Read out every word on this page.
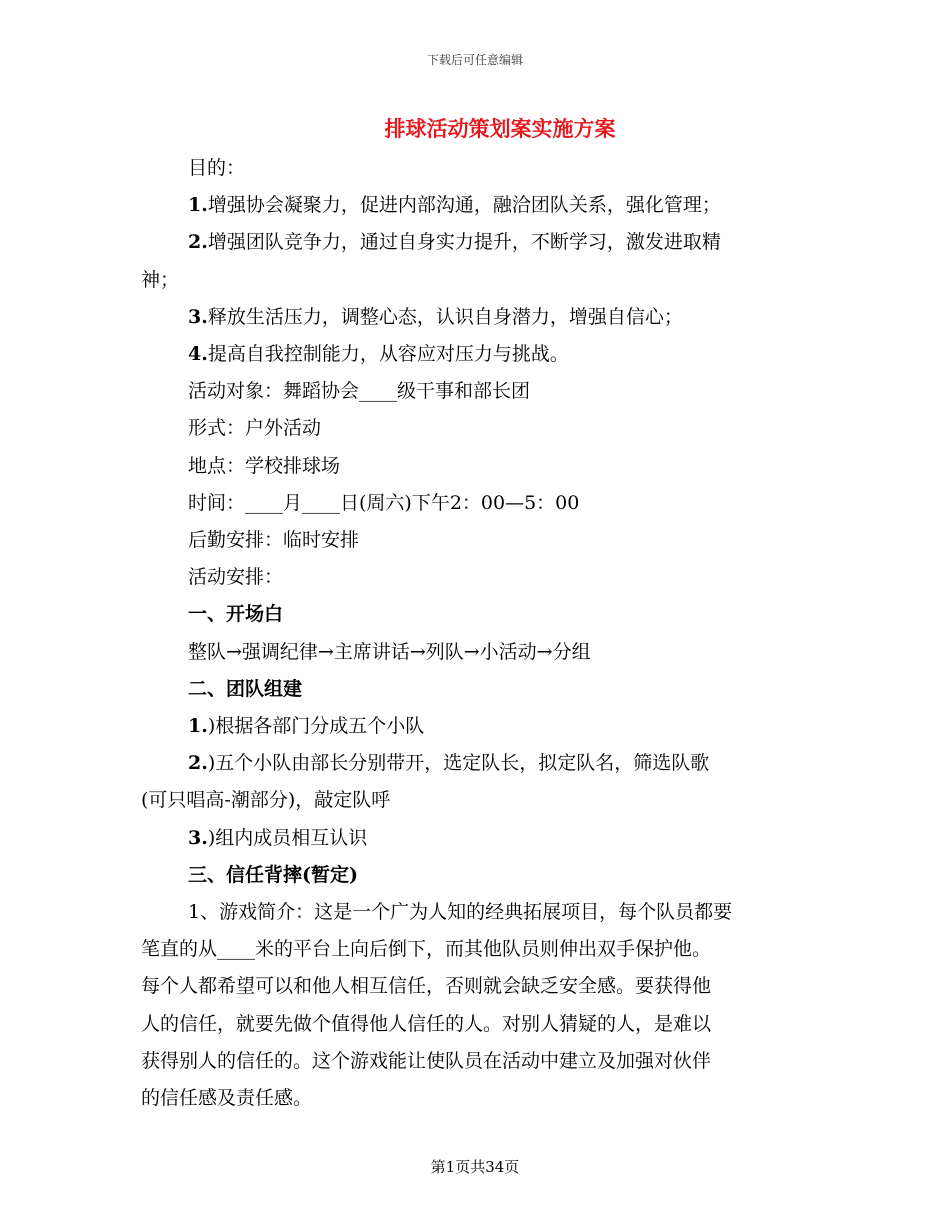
下载后可任意编辑
排球活动策划案实施方案

目的：

1.增强协会凝聚力，促进内部沟通，融洽团队关系，强化管理；

2.增强团队竞争力，通过自身实力提升，不断学习，激发进取精

神；

3.释放生活压力，调整心态，认识自身潜力，增强自信心；

4.提高自我控制能力，从容应对压力与挑战。

活动对象：舞蹈协会____级干事和部长团

形式：户外活动

地点：学校排球场

时间：____月____日(周六)下午2：00—5：00

后勤安排：临时安排

活动安排：

一、开场白

整队→强调纪律→主席讲话→列队→小活动→分组

二、团队组建

1.)根据各部门分成五个小队

2.)五个小队由部长分别带开，选定队长，拟定队名，筛选队歌

(可只唱高-潮部分)，敲定队呼

3.)组内成员相互认识

三、信任背摔(暂定)

1、游戏简介：这是一个广为人知的经典拓展项目，每个队员都要

笔直的从____米的平台上向后倒下，而其他队员则伸出双手保护他。

每个人都希望可以和他人相互信任，否则就会缺乏安全感。要获得他

人的信任，就要先做个值得他人信任的人。对别人猜疑的人，是难以

获得别人的信任的。这个游戏能让使队员在活动中建立及加强对伙伴

的信任感及责任感。

第1页共34页
